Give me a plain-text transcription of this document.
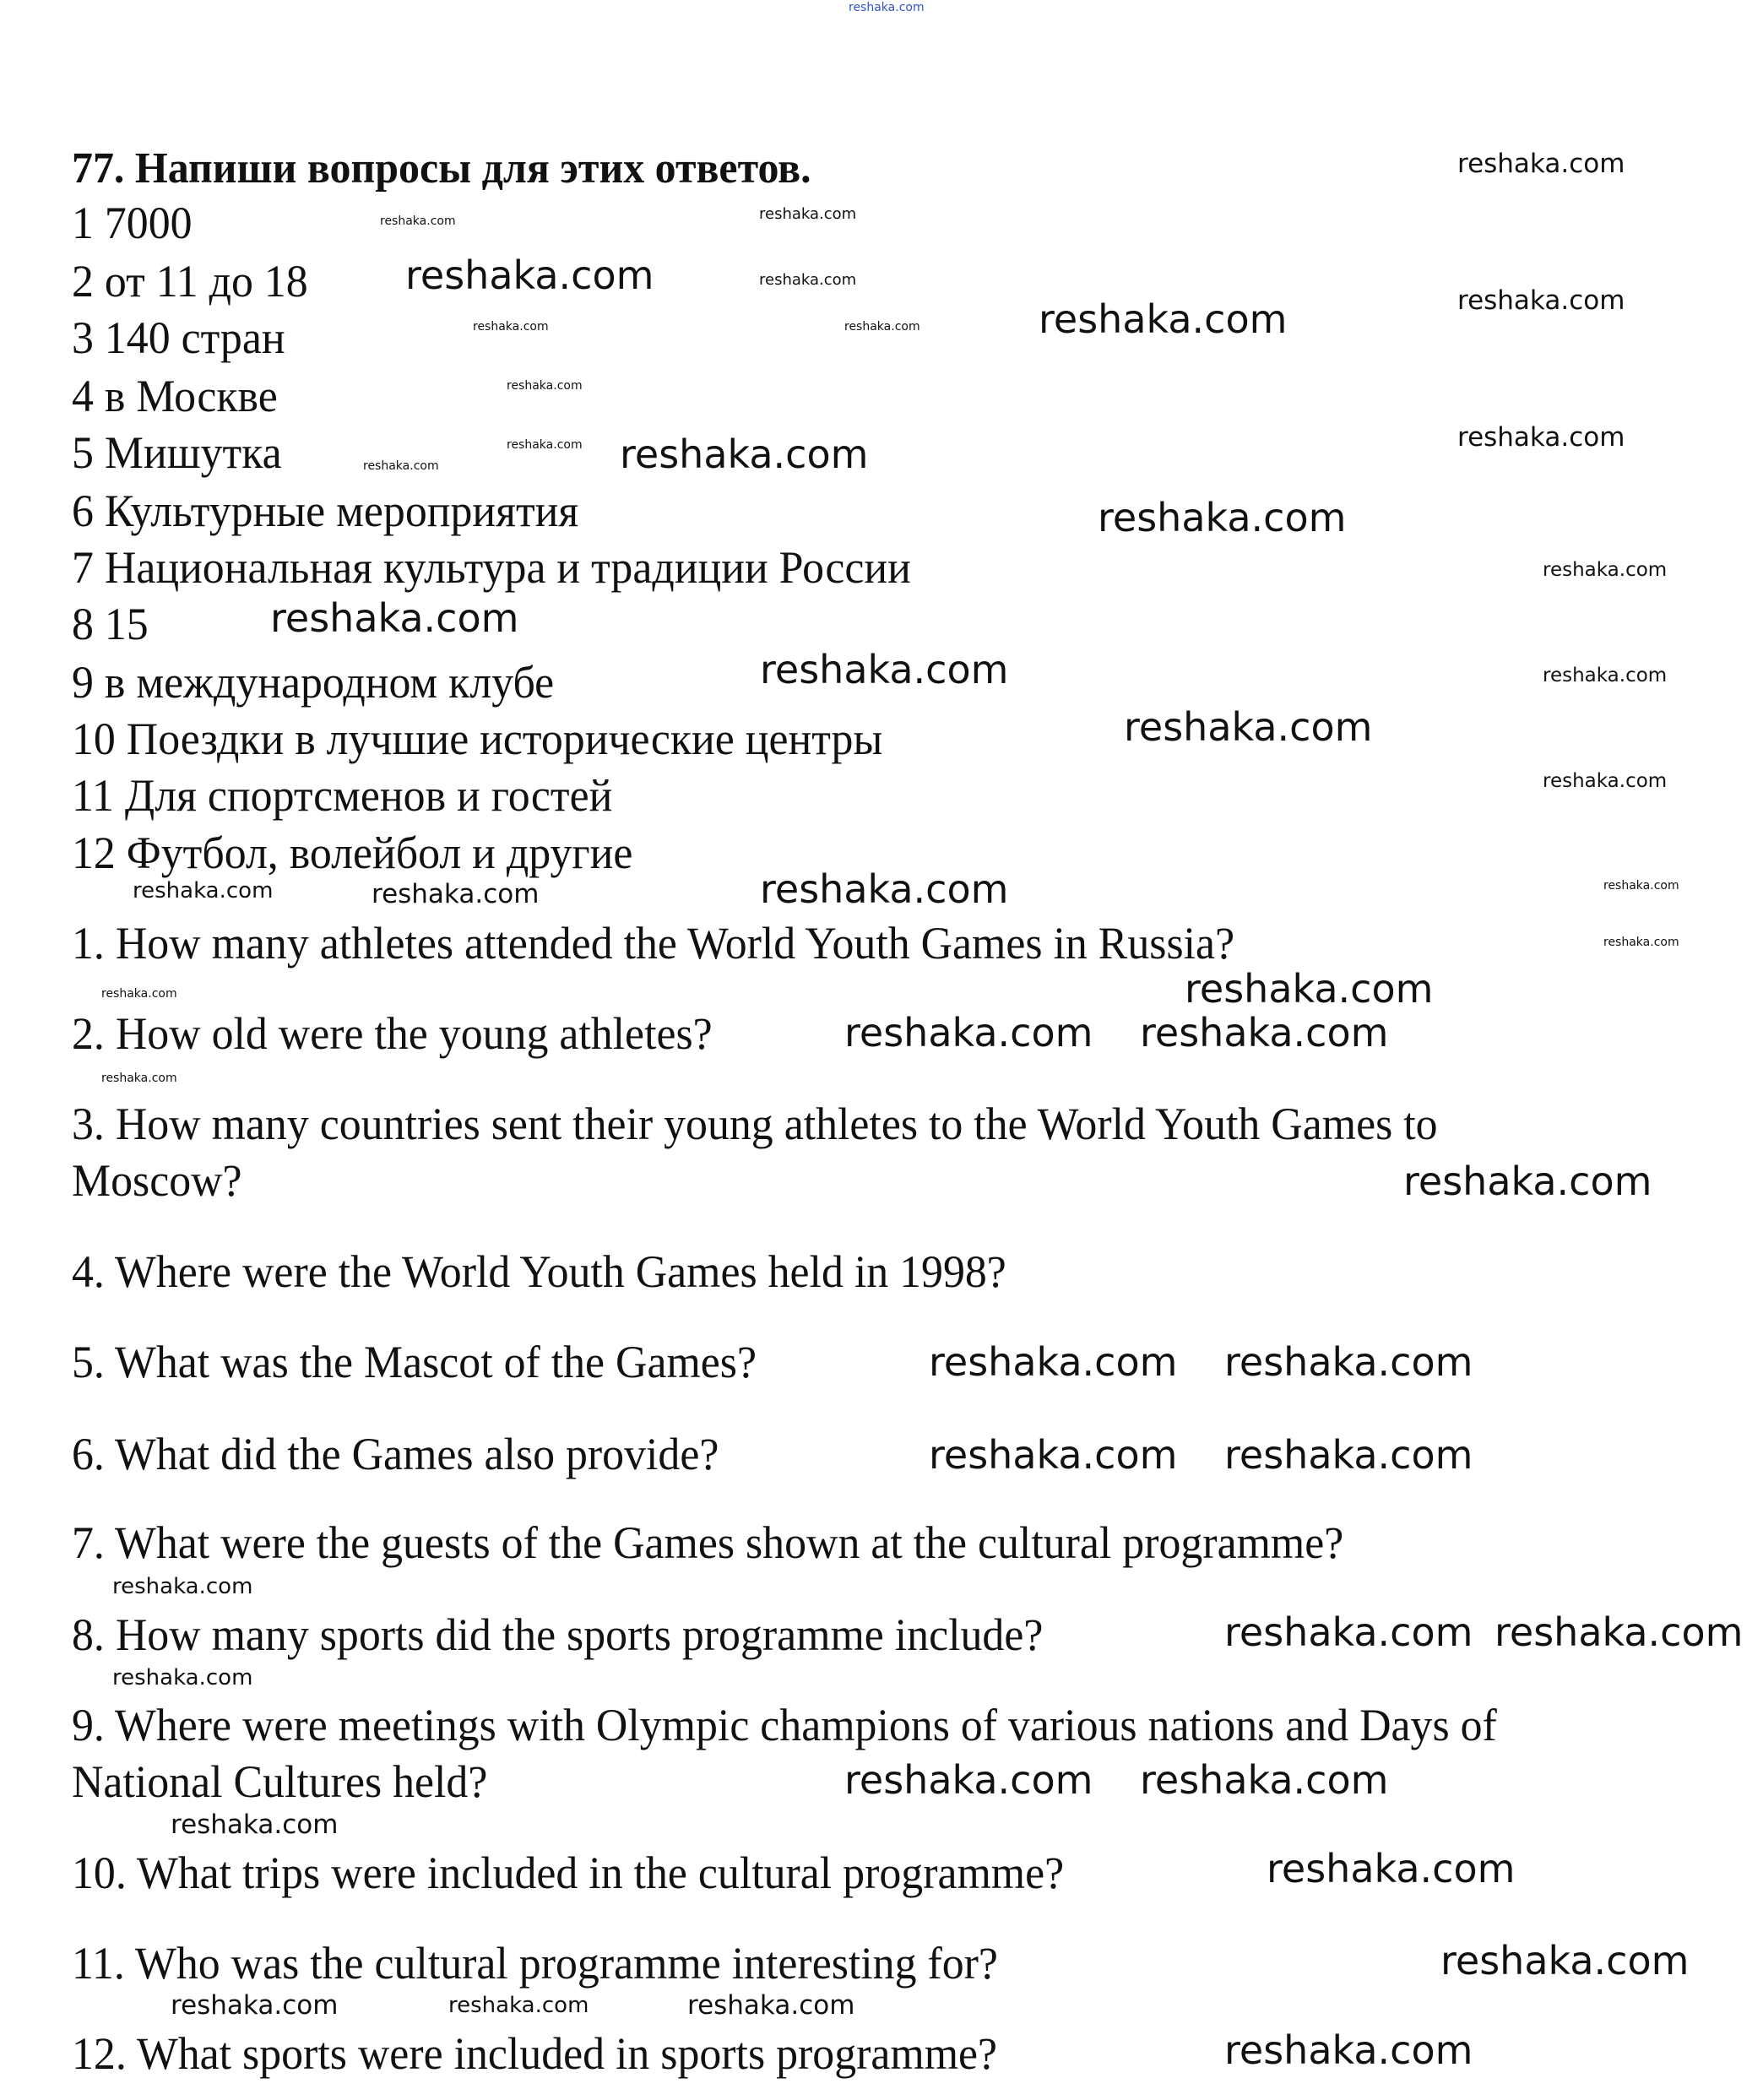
77. Напиши вопросы для этих ответов.
1 7000
2 от 11 до 18
3 140 стран
4 в Москве
5 Мишутка
6 Культурные мероприятия
7 Национальная культура и традиции России
8 15
9 в международном клубе
10 Поездки в лучшие исторические центры
11 Для спортсменов и гостей
12 Футбол, волейбол и другие
1. How many athletes attended the World Youth Games in Russia?
2. How old were the young athletes?
3. How many countries sent their young athletes to the World Youth Games to
Moscow?
4. Where were the World Youth Games held in 1998?
5. What was the Mascot of the Games?
6. What did the Games also provide?
7. What were the guests of the Games shown at the cultural programme?
8. How many sports did the sports programme include?
9. Where were meetings with Olympic champions of various nations and Days of
National Cultures held?
10. What trips were included in the cultural programme?
11. Who was the cultural programme interesting for?
12. What sports were included in sports programme?
reshaka.com
reshaka.com
reshaka.com	reshaka.com
reshaka.com
reshaka.com	reshaka.com
reshaka.com
reshaka.com
reshaka.com
reshaka.com
reshaka.com	reshaka.com
reshaka.com	reshaka.com
reshaka.com
reshaka.com
reshaka.com
reshaka.com	reshaka.com
reshaka.com
reshaka.com
reshaka.com	reshaka.com	reshaka.com	reshaka.com
reshaka.com
reshaka.com
reshaka.com
reshaka.com
reshaka.com reshaka.com
reshaka.com
reshaka.com reshaka.com
reshaka.com reshaka.com
reshaka.com
reshaka.com reshaka.com
reshaka.com
reshaka.com reshaka.com
reshaka.com
reshaka.com
reshaka.com
reshaka.com	reshaka.com	reshaka.com
reshaka.com
